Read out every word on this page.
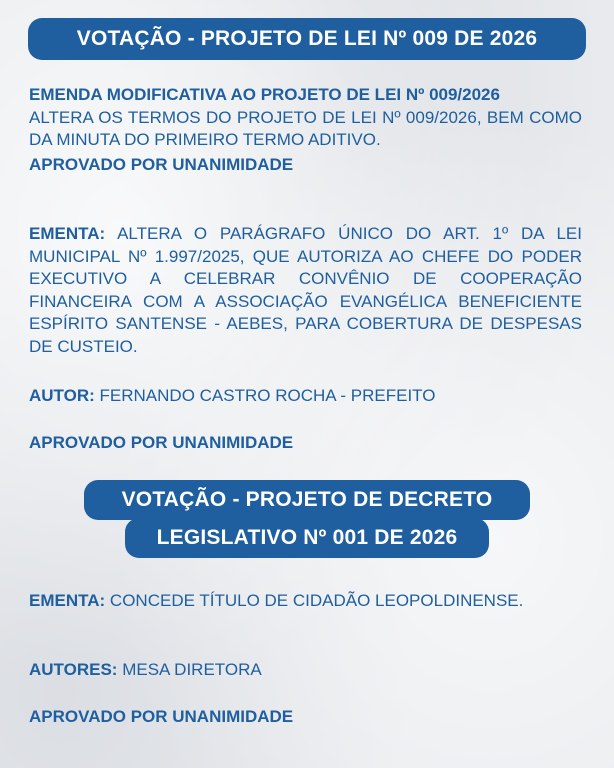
VOTAÇÃO - PROJETO DE LEI Nº 009 DE 2026

EMENDA MODIFICATIVA AO PROJETO DE LEI Nº 009/2026

ALTERA OS TERMOS DO PROJETO DE LEI Nº 009/2026, BEM COMO DA MINUTA DO PRIMEIRO TERMO ADITIVO.

APROVADO POR UNANIMIDADE

EMENTA: ALTERA O PARÁGRAFO ÚNICO DO ART. 1º DA LEI MUNICIPAL Nº 1.997/2025, QUE AUTORIZA AO CHEFE DO PODER EXECUTIVO A CELEBRAR CONVÊNIO DE COOPERAÇÃO FINANCEIRA COM A ASSOCIAÇÃO EVANGÉLICA BENEFICIENTE ESPÍRITO SANTENSE - AEBES, PARA COBERTURA DE DESPESAS DE CUSTEIO.
AUTOR: FERNANDO CASTRO ROCHA - PREFEITO
APROVADO POR UNANIMIDADE
VOTAÇÃO - PROJETO DE DECRETO
LEGISLATIVO Nº 001 DE 2026
EMENTA: CONCEDE TÍTULO DE CIDADÃO LEOPOLDINENSE.
AUTORES: MESA DIRETORA
APROVADO POR UNANIMIDADE
